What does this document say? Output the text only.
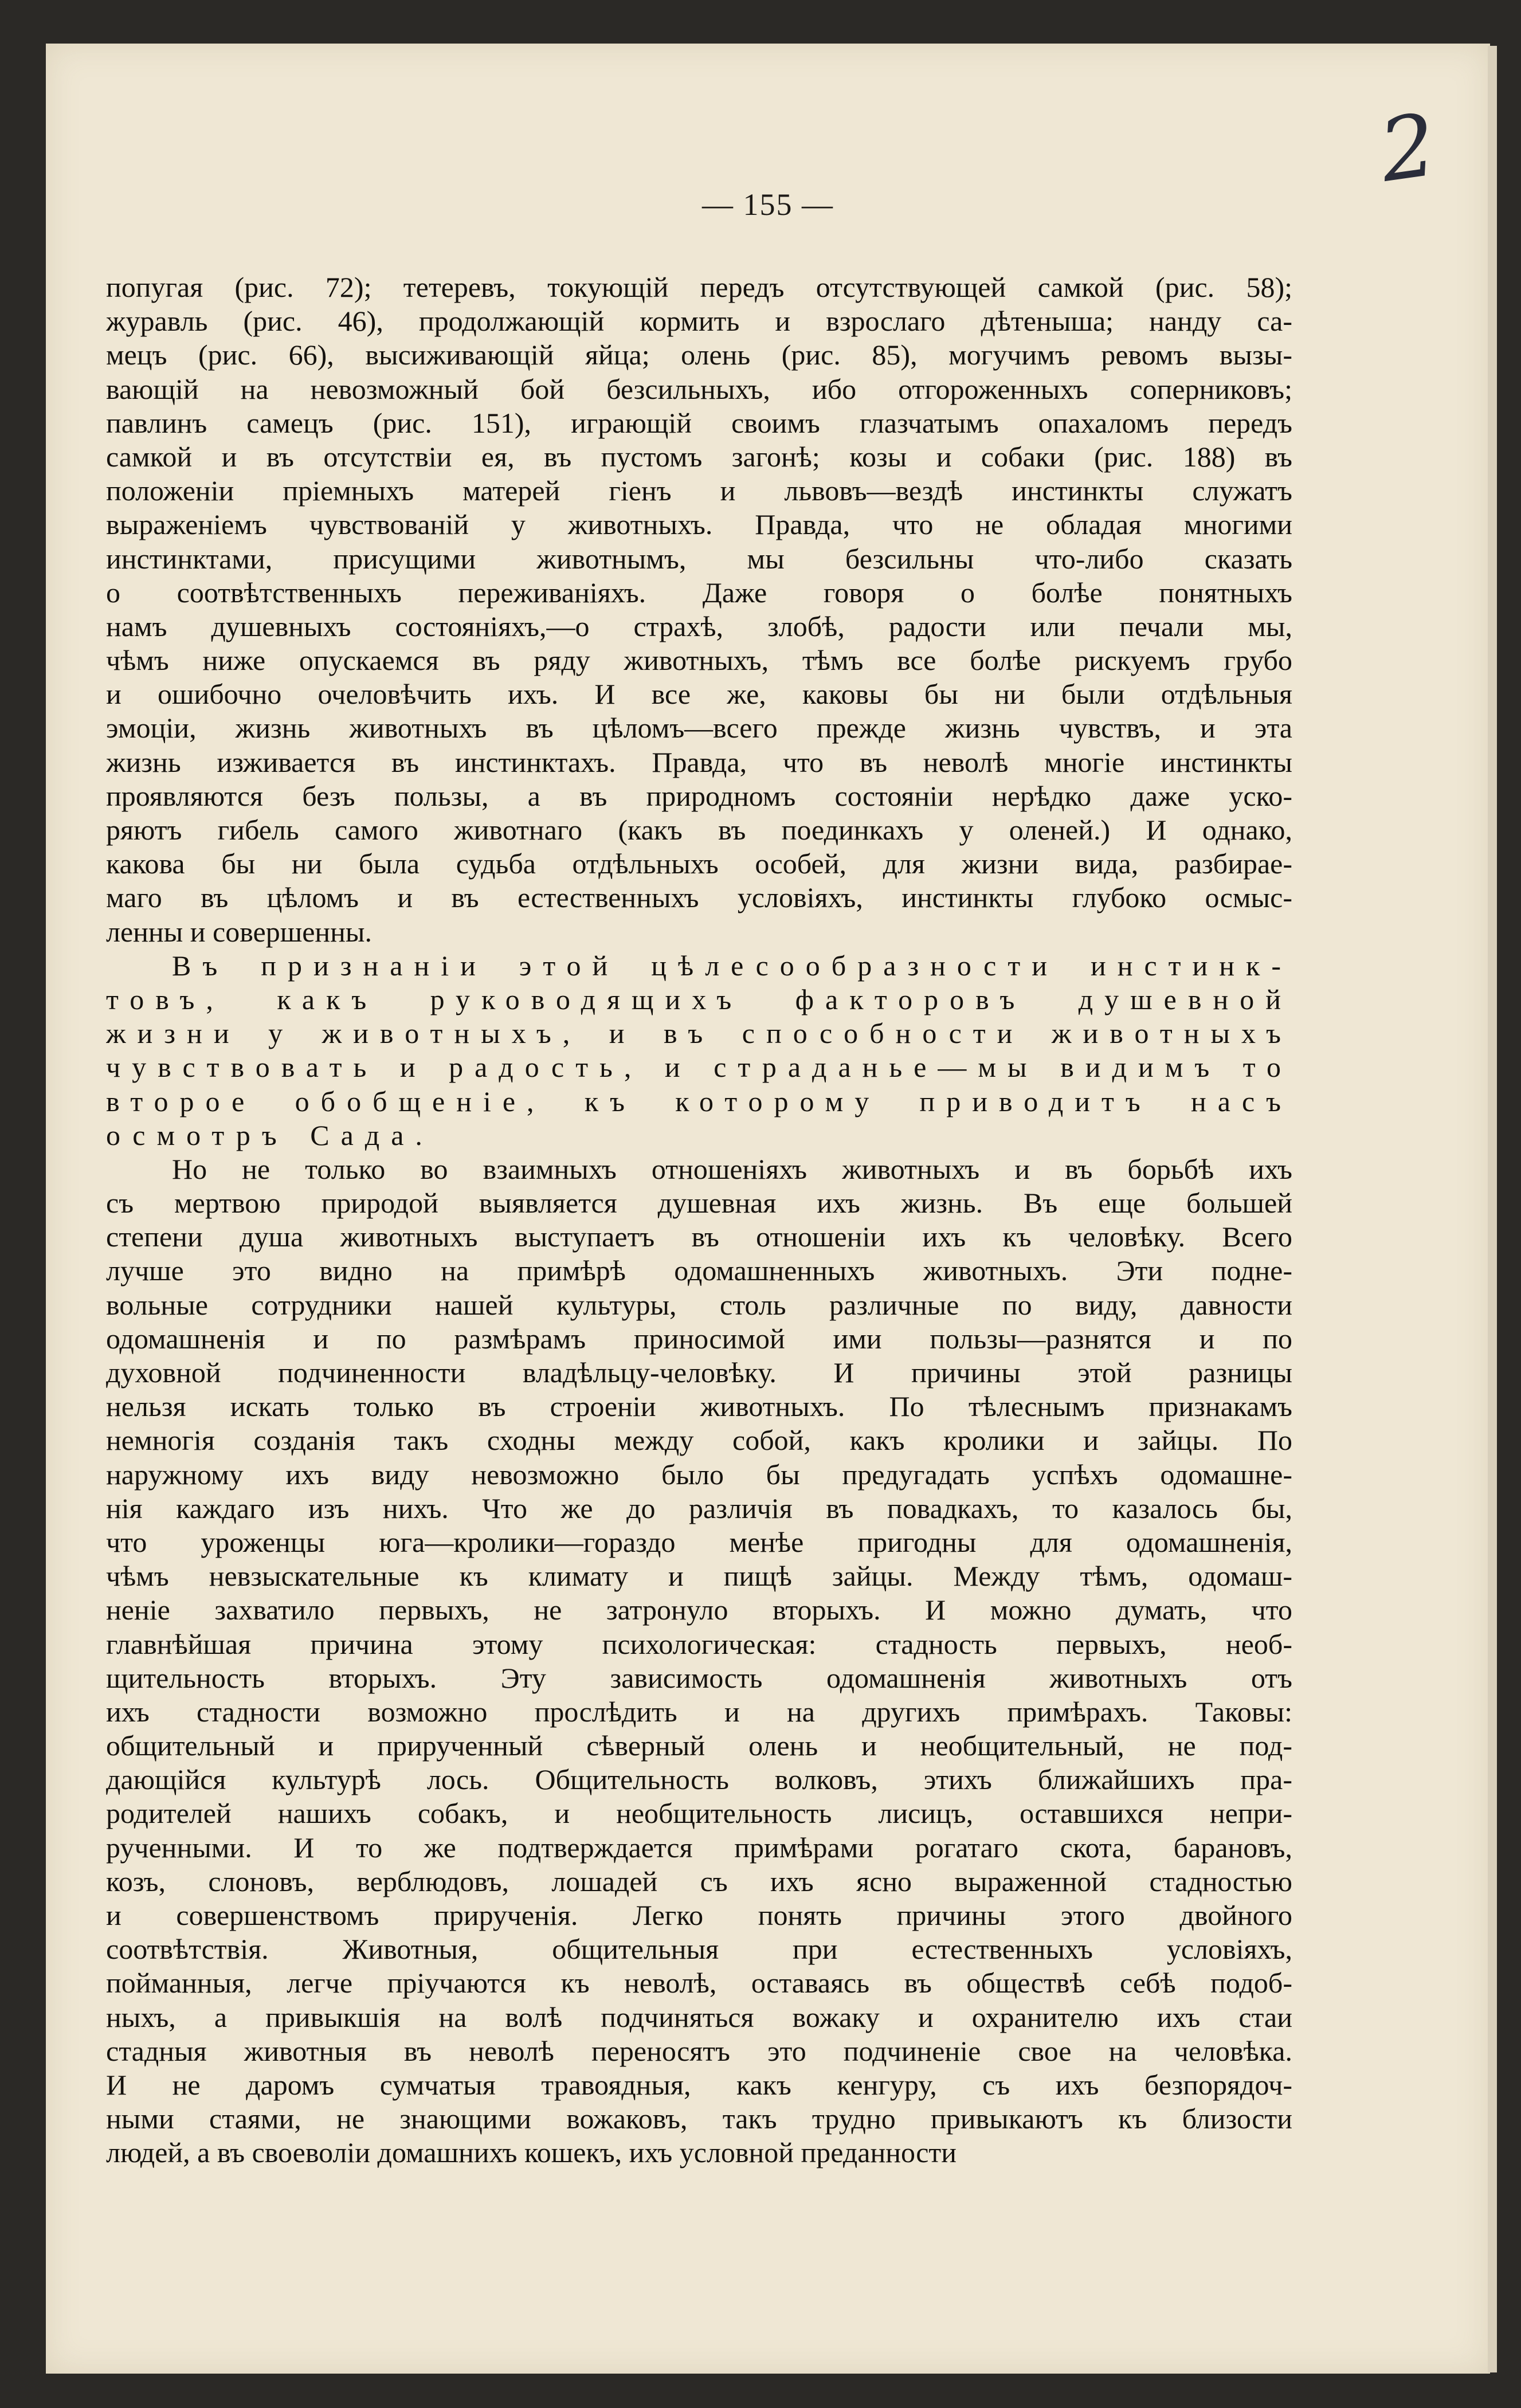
2
— 155 —
попугая (рис. 72); тетеревъ, токующій передъ отсутствующей самкой (рис. 58);
журавль (рис. 46), продолжающій кормить и взрослаго дѣтеныша; нанду са-
мецъ (рис. 66), высиживающій яйца; олень (рис. 85), могучимъ ревомъ вызы-
вающій на невозможный бой безсильныхъ, ибо отгороженныхъ соперниковъ;
павлинъ самецъ (рис. 151), играющій своимъ глазчатымъ опахаломъ передъ
самкой и въ отсутствіи ея, въ пустомъ загонѣ; козы и собаки (рис. 188) въ
положеніи пріемныхъ матерей гіенъ и львовъ—вездѣ инстинкты служатъ
выраженіемъ чувствованій у животныхъ. Правда, что не обладая многими
инстинктами, присущими животнымъ, мы безсильны что-либо сказать
о соотвѣтственныхъ переживаніяхъ. Даже говоря о болѣе понятныхъ
намъ душевныхъ состояніяхъ,—о страхѣ, злобѣ, радости или печали мы,
чѣмъ ниже опускаемся въ ряду животныхъ, тѣмъ все болѣе рискуемъ грубо
и ошибочно очеловѣчить ихъ. И все же, каковы бы ни были отдѣльныя
эмоціи, жизнь животныхъ въ цѣломъ—всего прежде жизнь чувствъ, и эта
жизнь изживается въ инстинктахъ. Правда, что въ неволѣ многіе инстинкты
проявляются безъ пользы, а въ природномъ состояніи нерѣдко даже уско-
ряютъ гибель самого животнаго (какъ въ поединкахъ у оленей.) И однако,
какова бы ни была судьба отдѣльныхъ особей, для жизни вида, разбирае-
маго въ цѣломъ и въ естественныхъ условіяхъ, инстинкты глубоко осмыс-
ленны и совершенны.
Въ признаніи этой цѣлесообразности инстинк-
товъ, какъ руководящихъ факторовъ душевной
жизни у животныхъ, и въ способности животныхъ
чувствовать и радость, и страданье—мы видимъ то
второе обобщеніе, къ которому приводитъ насъ
осмотръ Сада.
Но не только во взаимныхъ отношеніяхъ животныхъ и въ борьбѣ ихъ
съ мертвою природой выявляется душевная ихъ жизнь. Въ еще большей
степени душа животныхъ выступаетъ въ отношеніи ихъ къ человѣку. Всего
лучше это видно на примѣрѣ одомашненныхъ животныхъ. Эти подне-
вольные сотрудники нашей культуры, столь различные по виду, давности
одомашненія и по размѣрамъ приносимой ими пользы—разнятся и по
духовной подчиненности владѣльцу-человѣку. И причины этой разницы
нельзя искать только въ строеніи животныхъ. По тѣлеснымъ признакамъ
немногія созданія такъ сходны между собой, какъ кролики и зайцы. По
наружному ихъ виду невозможно было бы предугадать успѣхъ одомашне-
нія каждаго изъ нихъ. Что же до различія въ повадкахъ, то казалось бы,
что уроженцы юга—кролики—гораздо менѣе пригодны для одомашненія,
чѣмъ невзыскательные къ климату и пищѣ зайцы. Между тѣмъ, одомаш-
неніе захватило первыхъ, не затронуло вторыхъ. И можно думать, что
главнѣйшая причина этому психологическая: стадность первыхъ, необ-
щительность вторыхъ. Эту зависимость одомашненія животныхъ отъ
ихъ стадности возможно прослѣдить и на другихъ примѣрахъ. Таковы:
общительный и прирученный сѣверный олень и необщительный, не под-
дающійся культурѣ лось. Общительность волковъ, этихъ ближайшихъ пра-
родителей нашихъ собакъ, и необщительность лисицъ, оставшихся непри-
рученными. И то же подтверждается примѣрами рогатаго скота, барановъ,
козъ, слоновъ, верблюдовъ, лошадей съ ихъ ясно выраженной стадностью
и совершенствомъ прирученія. Легко понять причины этого двойного
соотвѣтствія. Животныя, общительныя при естественныхъ условіяхъ,
пойманныя, легче пріучаются къ неволѣ, оставаясь въ обществѣ себѣ подоб-
ныхъ, а привыкшія на волѣ подчиняться вожаку и охранителю ихъ стаи
стадныя животныя въ неволѣ переносятъ это подчиненіе свое на человѣка.
И не даромъ сумчатыя травоядныя, какъ кенгуру, съ ихъ безпорядоч-
ными стаями, не знающими вожаковъ, такъ трудно привыкаютъ къ близости
людей, а въ своеволіи домашнихъ кошекъ, ихъ условной преданности
